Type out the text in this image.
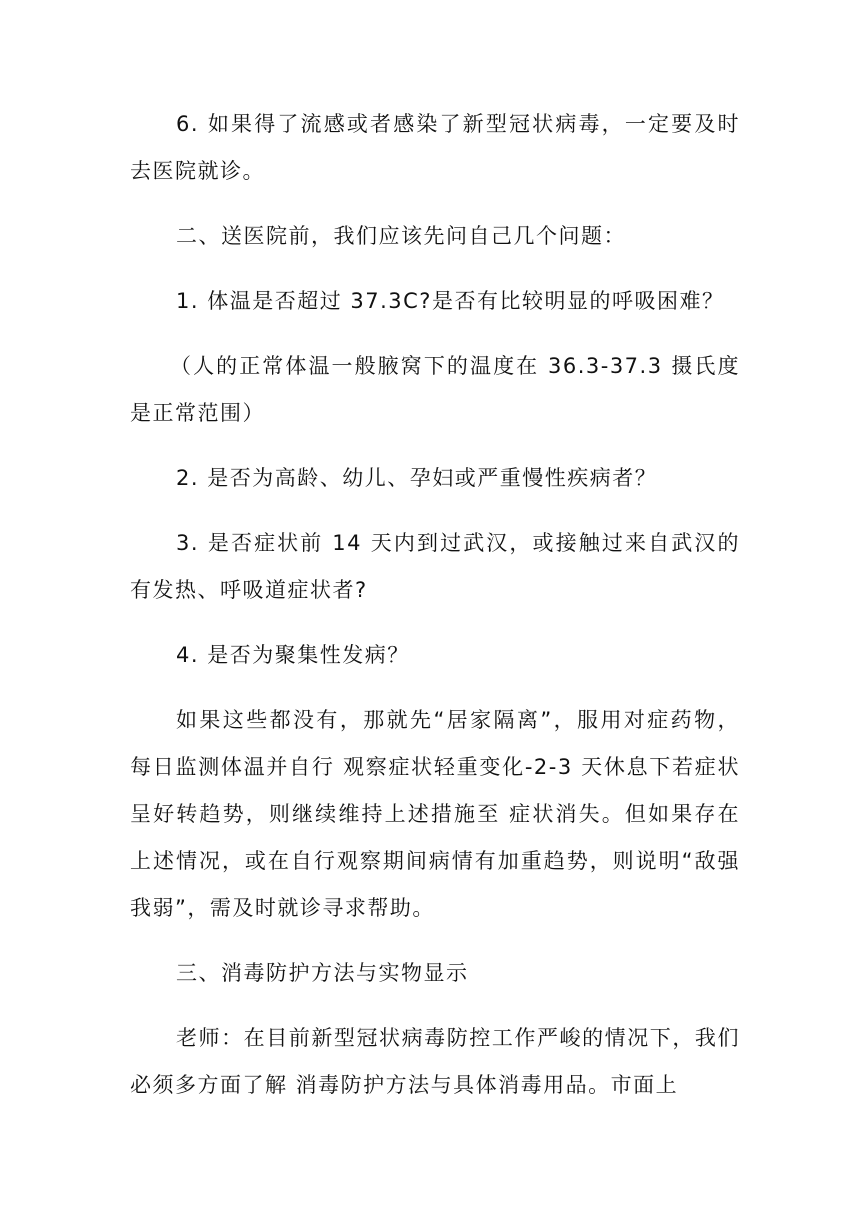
6. 如果得了流感或者感染了新型冠状病毒，一定要及时去医院就诊。

二、送医院前，我们应该先问自己几个问题：

1. 体温是否超过 37.3C?是否有比较明显的呼吸困难？

（人的正常体温一般腋窝下的温度在 36.3-37.3 摄氏度是正常范围）

2. 是否为高龄、幼儿、孕妇或严重慢性疾病者？

3. 是否症状前 14 天内到过武汉，或接触过来自武汉的有发热、呼吸道症状者?

4. 是否为聚集性发病？

如果这些都没有，那就先“居家隔离”，服用对症药物，每日监测体温并自行 观察症状轻重变化-2-3 天休息下若症状呈好转趋势，则继续维持上述措施至 症状消失。但如果存在上述情况，或在自行观察期间病情有加重趋势，则说明“敌强我弱”，需及时就诊寻求帮助。

三、消毒防护方法与实物显示

老师：在目前新型冠状病毒防控工作严峻的情况下，我们必须多方面了解 消毒防护方法与具体消毒用品。市面上
